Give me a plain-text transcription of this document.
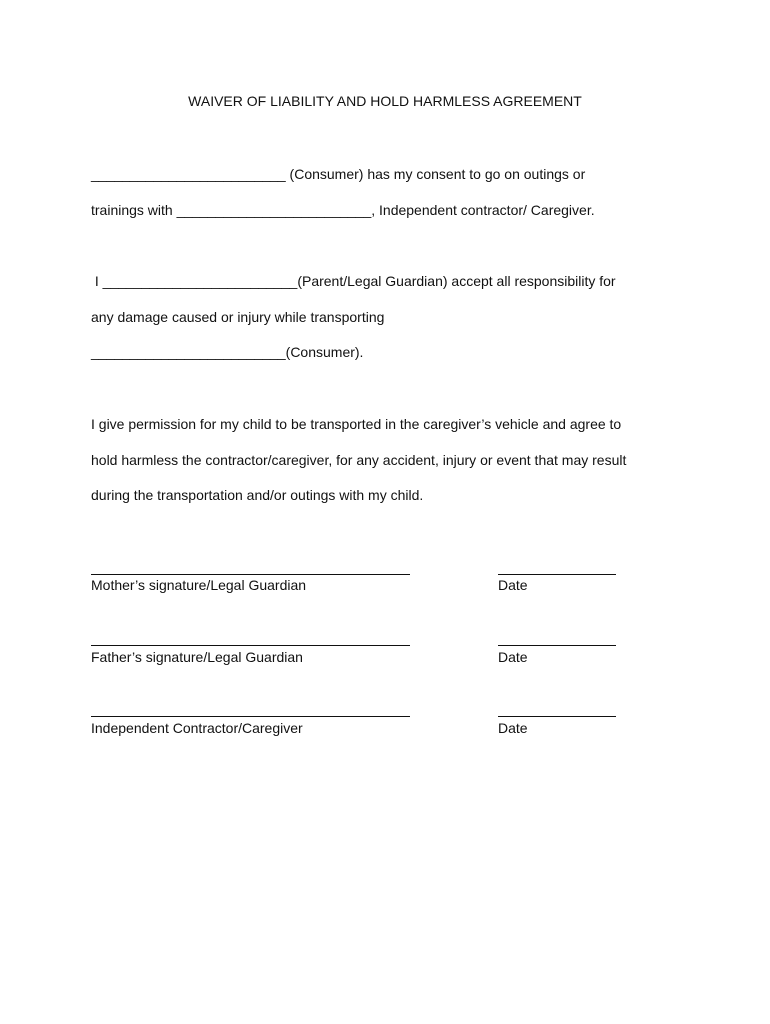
WAIVER OF LIABILITY AND HOLD HARMLESS AGREEMENT
_________________________ (Consumer) has my consent to go on outings or
trainings with _________________________, Independent contractor/ Caregiver.
I _________________________(Parent/Legal Guardian) accept all responsibility for
any damage caused or injury while transporting
_________________________(Consumer).
I give permission for my child to be transported in the caregiver’s vehicle and agree to
hold harmless the contractor/caregiver, for any accident, injury or event that may result
during the transportation and/or outings with my child.
Mother’s signature/Legal Guardian	Date
Father’s signature/Legal Guardian	Date
Independent Contractor/Caregiver	Date
